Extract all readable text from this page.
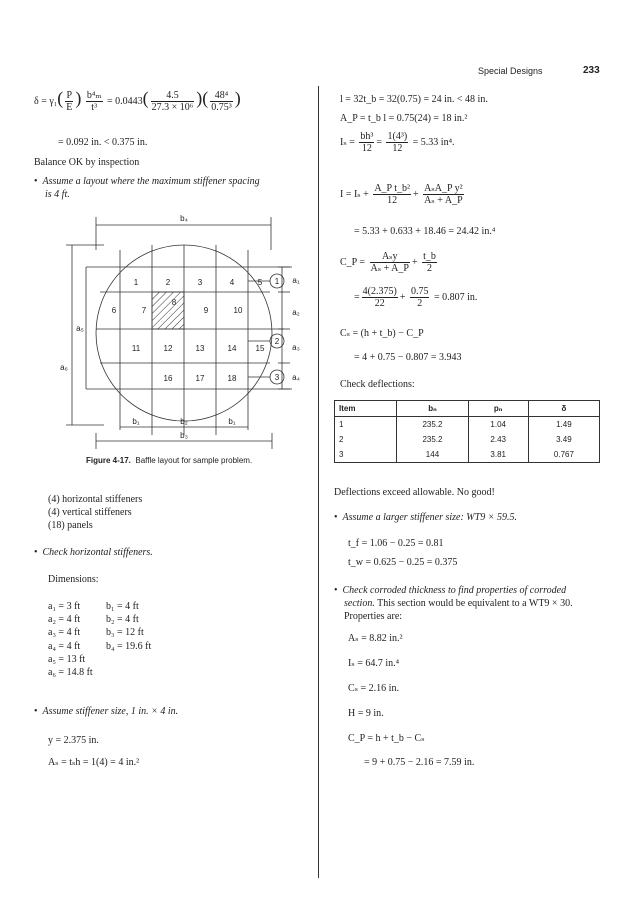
Special Designs	233
$\delta = \gamma_1( \frac{P}{E}$ ) $\frac{\text{b⁴ₘ}}{\text{t³}} = 0.0443( \frac{4.5}{\text{27.3 × 10⁶}}$ )( $\frac{\text{48⁴}}{\text{0.75³}}$ )
= 0.092 in. < 0.375 in.
Balance OK by inspection
• Assume a layout where the maximum stiffener spacing
is 4 ft.
b₄
1	2	3	4	5
6	7
8
9	10
11	12	13	14 15
16	17	18
1
2
3
a₁
a₂
a₃
a₄
a₅
a₆
b₁	b₂	b₁
b₃
Figure 4-17. Baffle layout for sample problem.
(4) horizontal stiffeners
(4) vertical stiffeners
(18) panels
• Check horizontal stiffeners.
Dimensions:
a₁ = 3 ft
a₂ = 4 ft
a₃ = 4 ft
a₄ = 4 ft
a₅ = 13 ft
a₆ = 14.8 ft
b₁ = 4 ft
b₂ = 4 ft
b₃ = 12 ft
b₄ = 19.6 ft
• Assume stiffener size, 1 in. × 4 in.
y = 2.375 in.
Aₛ = tₛh = 1(4) = 4 in.²
l = 32t_b = 32(0.75) = 24 in. < 48 in.
A_P = t_b l = 0.75(24) = 18 in.²
$I_s = \frac{\text{bh³}}{12} = \frac{\text{1(4³)}}{12} = 5.33$ in⁴.
$I = I_s + \frac{\text{A\_P t\_b²}}{12} + \frac{\text{AₛA\_P y²}}{\text{Aₛ + A\_P}}$
= 5.33 + 0.633 + 18.46 = 24.42 in.⁴
C_P = $\frac{\text{Aₛy}}{\text{Aₛ + A\_P}} + \frac{t\_b}{2}$
= $\frac{4(2.375)}{22} + \frac{0.75}{2} = 0.807$ in.
Cₛ = (h + t_b) − C_P
= 4 + 0.75 − 0.807 = 3.943
Check deflections:
Item	bₙ	pₙ	δ
1	235.2	1.04	1.49
2	235.2	2.43	3.49
3	144	3.81	0.767
Deflections exceed allowable. No good!
• Assume a larger stiffener size: WT9 × 59.5.
t_f = 1.06 − 0.25 = 0.81
t_w = 0.625 − 0.25 = 0.375
• Check corroded thickness to find properties of corroded
section. This section would be equivalent to a WT9 × 30.
Properties are:
Aₛ = 8.82 in.²
Iₛ = 64.7 in.⁴
Cₛ = 2.16 in.
H = 9 in.
C_P = h + t_b − Cₛ
= 9 + 0.75 − 2.16 = 7.59 in.
